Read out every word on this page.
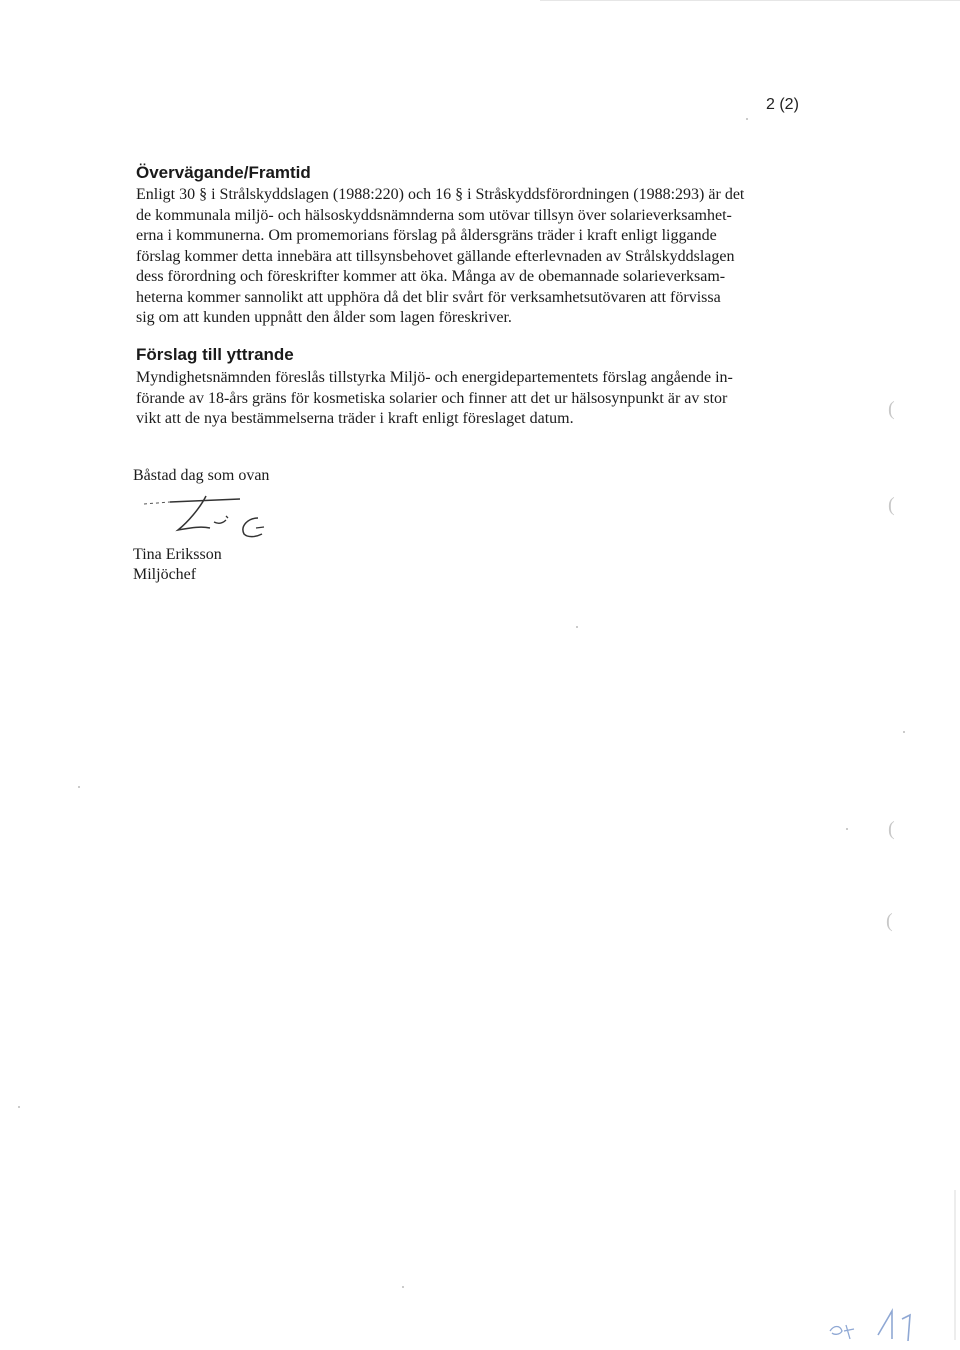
2 (2)
Övervägande/Framtid
Enligt 30 § i Strålskyddslagen (1988:220) och 16 § i Stråskyddsförordningen (1988:293) är det
de kommunala miljö- och hälsoskyddsnämnderna som utövar tillsyn över solarieverksamhet-
erna i kommunerna. Om promemorians förslag på åldersgräns träder i kraft enligt liggande
förslag kommer detta innebära att tillsynsbehovet gällande efterlevnaden av Strålskyddslagen
dess förordning och föreskrifter kommer att öka. Många av de obemannade solarieverksam-
heterna kommer sannolikt att upphöra då det blir svårt för verksamhetsutövaren att förvissa
sig om att kunden uppnått den ålder som lagen föreskriver.
Förslag till yttrande
Myndighetsnämnden föreslås tillstyrka Miljö- och energidepartementets förslag angående in-
förande av 18-års gräns för kosmetiska solarier och finner att det ur hälsosynpunkt är av stor
vikt att de nya bestämmelserna träder i kraft enligt föreslaget datum.

Båstad dag som ovan

Tina Eriksson
Miljöchef
(
(
(
(
